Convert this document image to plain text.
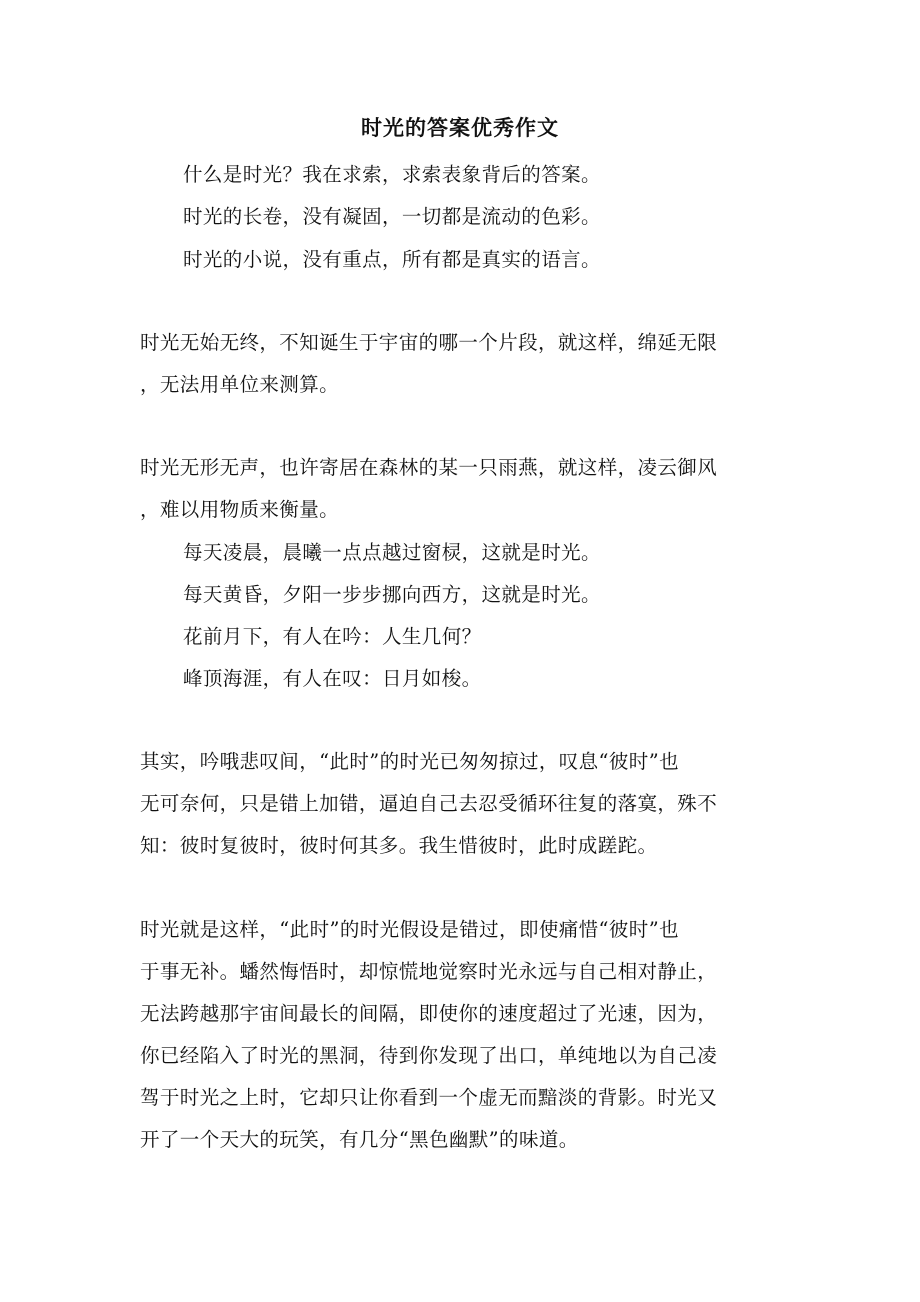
时光的答案优秀作文
什么是时光？我在求索，求索表象背后的答案。
时光的长卷，没有凝固，一切都是流动的色彩。
时光的小说，没有重点，所有都是真实的语言。
时光无始无终，不知诞生于宇宙的哪一个片段，就这样，绵延无限
，无法用单位来测算。
时光无形无声，也许寄居在森林的某一只雨燕，就这样，凌云御风
，难以用物质来衡量。
每天凌晨，晨曦一点点越过窗棂，这就是时光。
每天黄昏，夕阳一步步挪向西方，这就是时光。
花前月下，有人在吟：人生几何？
峰顶海涯，有人在叹：日月如梭。
其实，吟哦悲叹间，“此时”的时光已匆匆掠过，叹息“彼时”也
无可奈何，只是错上加错，逼迫自己去忍受循环往复的落寞，殊不
知：彼时复彼时，彼时何其多。我生惜彼时，此时成蹉跎。
时光就是这样，“此时”的时光假设是错过，即使痛惜“彼时”也
于事无补。蟠然悔悟时，却惊慌地觉察时光永远与自己相对静止，
无法跨越那宇宙间最长的间隔，即使你的速度超过了光速，因为，
你已经陷入了时光的黑洞，待到你发现了出口，单纯地以为自己凌
驾于时光之上时，它却只让你看到一个虚无而黯淡的背影。时光又
开了一个天大的玩笑，有几分“黑色幽默”的味道。
